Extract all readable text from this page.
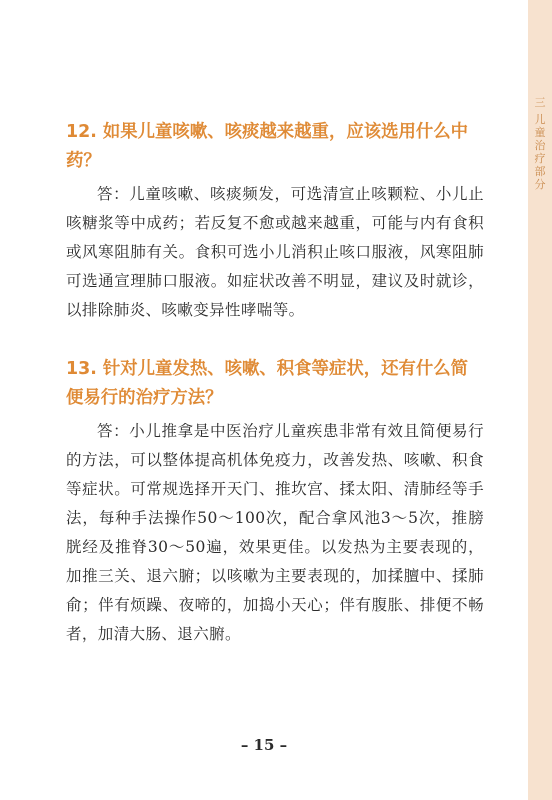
三
儿童治疗部分

12. 如果儿童咳嗽、咳痰越来越重，应该选用什么中药？

答：儿童咳嗽、咳痰频发，可选清宣止咳颗粒、小儿止咳糖浆等中成药；若反复不愈或越来越重，可能与内有食积或风寒阻肺有关。食积可选小儿消积止咳口服液，风寒阻肺可选通宣理肺口服液。如症状改善不明显，建议及时就诊，以排除肺炎、咳嗽变异性哮喘等。

13. 针对儿童发热、咳嗽、积食等症状，还有什么简便易行的治疗方法？

答：小儿推拿是中医治疗儿童疾患非常有效且简便易行的方法，可以整体提高机体免疫力，改善发热、咳嗽、积食等症状。可常规选择开天门、推坎宫、揉太阳、清肺经等手法，每种手法操作50～100次，配合拿风池3～5次，推膀胱经及推脊30～50遍，效果更佳。以发热为主要表现的，加推三关、退六腑；以咳嗽为主要表现的，加揉膻中、揉肺俞；伴有烦躁、夜啼的，加捣小天心；伴有腹胀、排便不畅者，加清大肠、退六腑。

– 15 –
